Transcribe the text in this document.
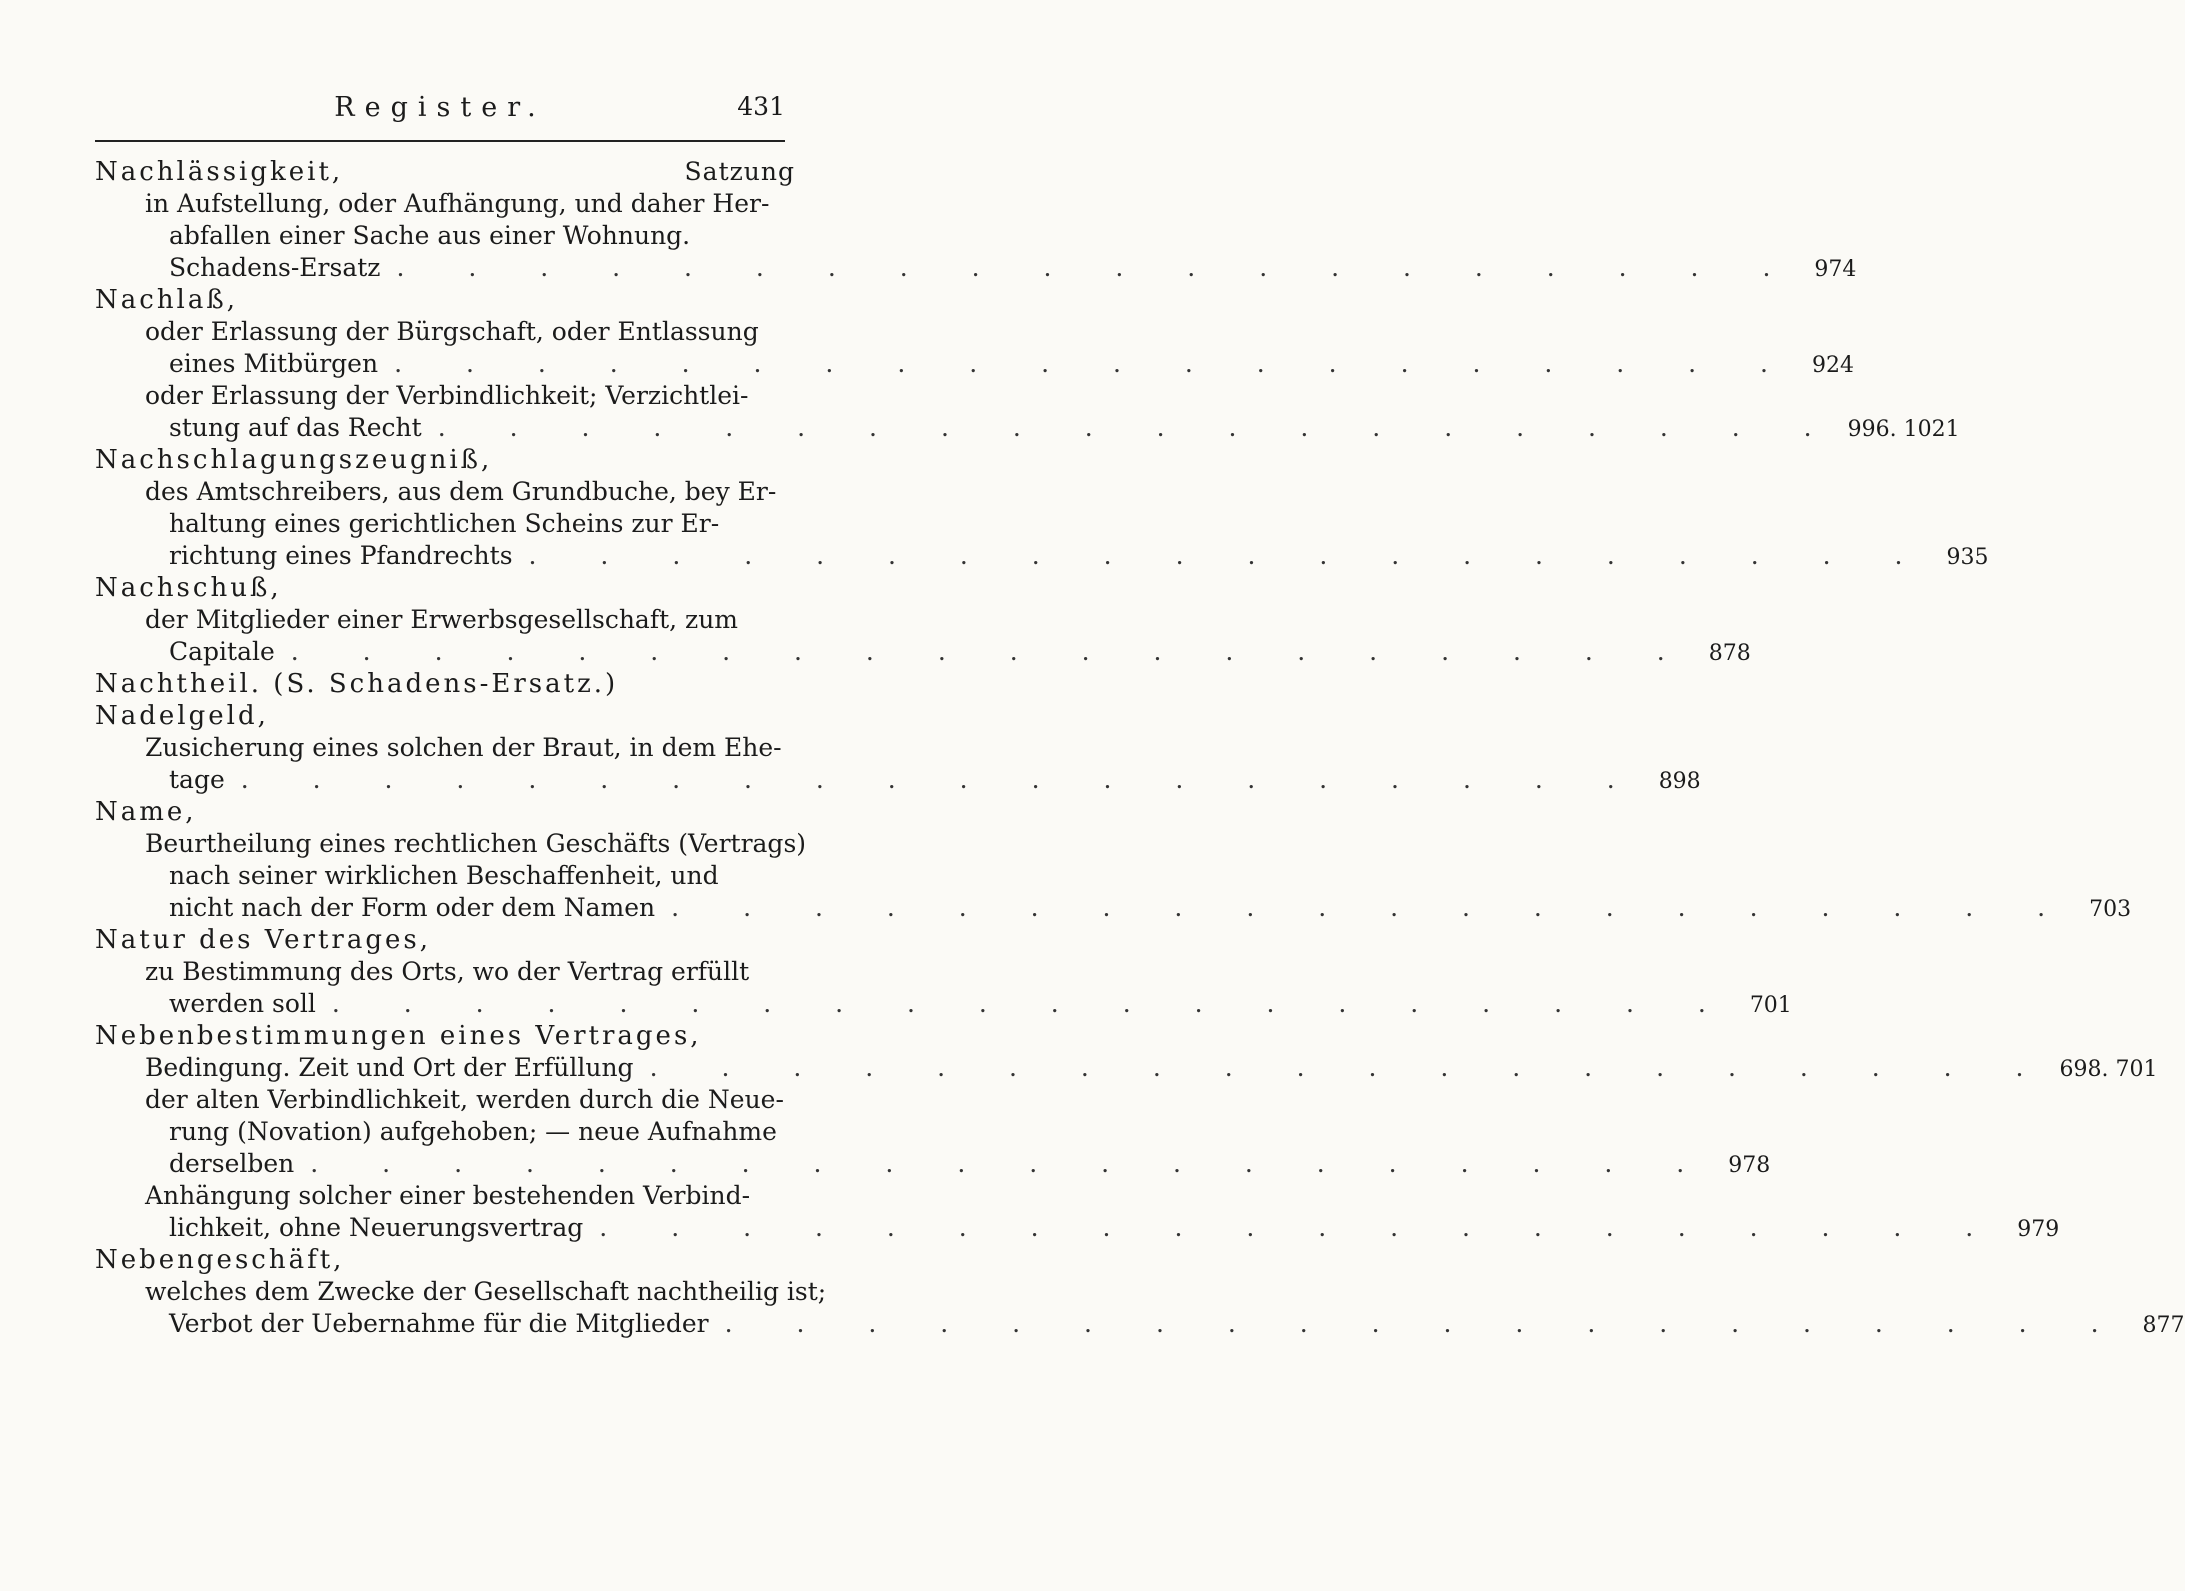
Register.	431
Nachlässigkeit,	Satzung
in Aufstellung, oder Aufhängung, und daher Her-
abfallen einer Sache aus einer Wohnung.
Schadens-Ersatz . . . . . . . . . . . . . . . . . . . . 974
Nachlaß,
oder Erlassung der Bürgschaft, oder Entlassung
eines Mitbürgen . . . . . . . . . . . . . . . . . . . . 924
oder Erlassung der Verbindlichkeit; Verzichtlei-
stung auf das Recht . . . . . . . . . . . . . . . . . . . . 996. 1021
Nachschlagungszeugniß,
des Amtschreibers, aus dem Grundbuche, bey Er-
haltung eines gerichtlichen Scheins zur Er-
richtung eines Pfandrechts . . . . . . . . . . . . . . . . . . . . 935
Nachschuß,
der Mitglieder einer Erwerbsgesellschaft, zum
Capitale . . . . . . . . . . . . . . . . . . . . 878
Nachtheil. (S. Schadens-Ersatz.)
Nadelgeld,
Zusicherung eines solchen der Braut, in dem Ehe-
tage . . . . . . . . . . . . . . . . . . . . 898
Name,
Beurtheilung eines rechtlichen Geschäfts (Vertrags)
nach seiner wirklichen Beschaffenheit, und
nicht nach der Form oder dem Namen . . . . . . . . . . . . . . . . . . . . 703
Natur des Vertrages,
zu Bestimmung des Orts, wo der Vertrag erfüllt
werden soll . . . . . . . . . . . . . . . . . . . . 701
Nebenbestimmungen eines Vertrages,
Bedingung. Zeit und Ort der Erfüllung . . . . . . . . . . . . . . . . . . . . 698. 701
der alten Verbindlichkeit, werden durch die Neue-
rung (Novation) aufgehoben; — neue Aufnahme
derselben . . . . . . . . . . . . . . . . . . . . 978
Anhängung solcher einer bestehenden Verbind-
lichkeit, ohne Neuerungsvertrag . . . . . . . . . . . . . . . . . . . . 979
Nebengeschäft,
welches dem Zwecke der Gesellschaft nachtheilig ist;
Verbot der Uebernahme für die Mitglieder . . . . . . . . . . . . . . . . . . . . 877
